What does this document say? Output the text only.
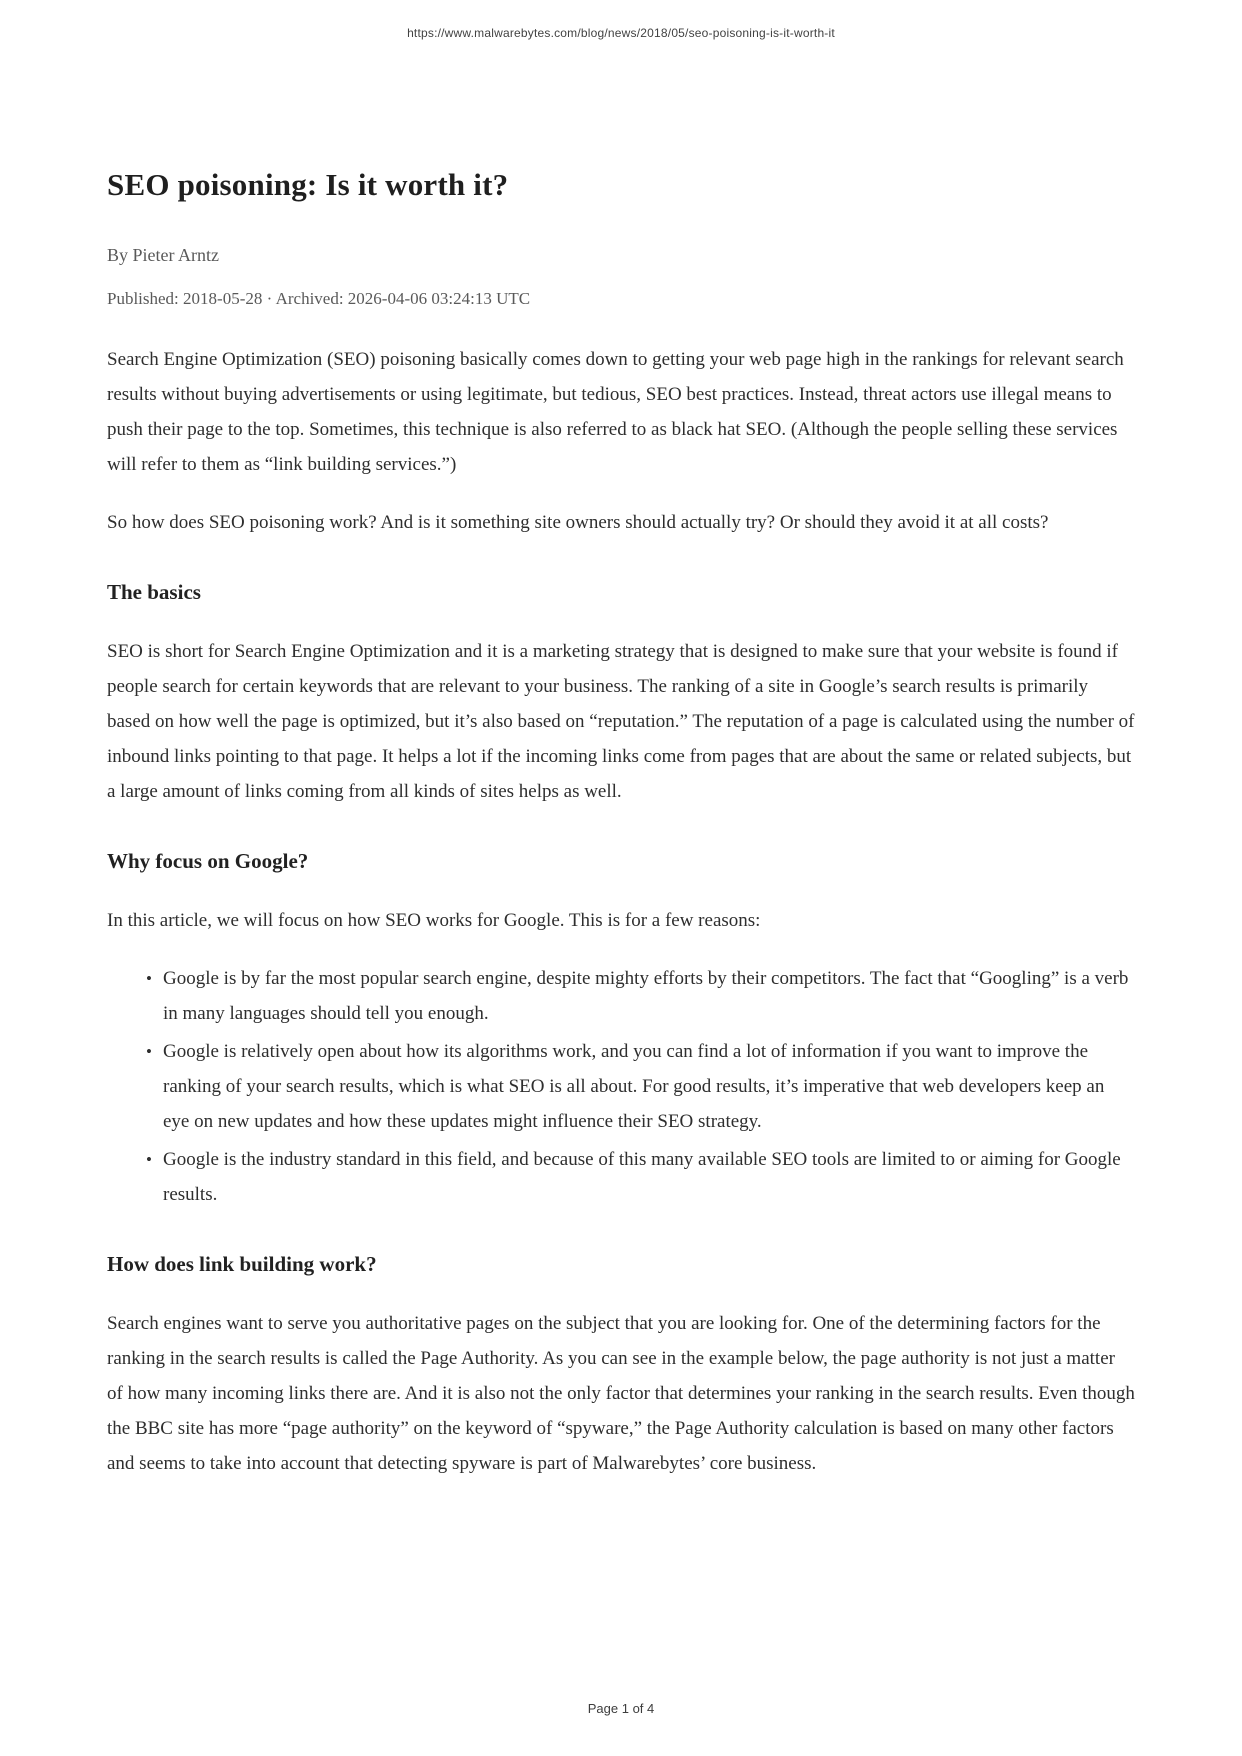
https://www.malwarebytes.com/blog/news/2018/05/seo-poisoning-is-it-worth-it
SEO poisoning: Is it worth it?
By Pieter Arntz
Published: 2018-05-28 · Archived: 2026-04-06 03:24:13 UTC

Search Engine Optimization (SEO) poisoning basically comes down to getting your web page high in the rankings for relevant search results without buying advertisements or using legitimate, but tedious, SEO best practices. Instead, threat actors use illegal means to push their page to the top. Sometimes, this technique is also referred to as black hat SEO. (Although the people selling these services will refer to them as “link building services.”)

So how does SEO poisoning work? And is it something site owners should actually try? Or should they avoid it at all costs?

The basics

SEO is short for Search Engine Optimization and it is a marketing strategy that is designed to make sure that your website is found if people search for certain keywords that are relevant to your business. The ranking of a site in Google’s search results is primarily based on how well the page is optimized, but it’s also based on “reputation.” The reputation of a page is calculated using the number of inbound links pointing to that page. It helps a lot if the incoming links come from pages that are about the same or related subjects, but a large amount of links coming from all kinds of sites helps as well.

Why focus on Google?

In this article, we will focus on how SEO works for Google. This is for a few reasons:

• Google is by far the most popular search engine, despite mighty efforts by their competitors. The fact that “Googling” is a verb in many languages should tell you enough.
• Google is relatively open about how its algorithms work, and you can find a lot of information if you want to improve the ranking of your search results, which is what SEO is all about. For good results, it’s imperative that web developers keep an eye on new updates and how these updates might influence their SEO strategy.
• Google is the industry standard in this field, and because of this many available SEO tools are limited to or aiming for Google results.
How does link building work?

Search engines want to serve you authoritative pages on the subject that you are looking for. One of the determining factors for the ranking in the search results is called the Page Authority. As you can see in the example below, the page authority is not just a matter of how many incoming links there are. And it is also not the only factor that determines your ranking in the search results. Even though the BBC site has more “page authority” on the keyword of “spyware,” the Page Authority calculation is based on many other factors and seems to take into account that detecting spyware is part of Malwarebytes’ core business.

Page 1 of 4
